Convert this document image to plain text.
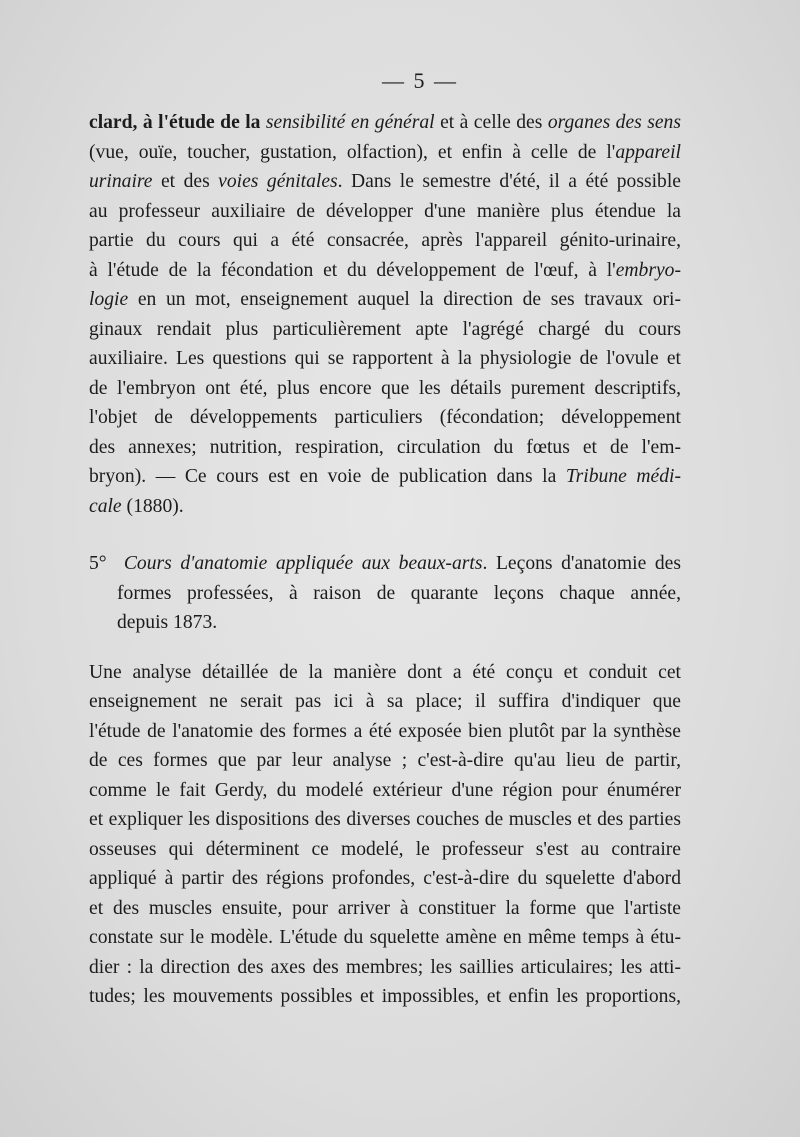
— 5 —
clard, à l'étude de la sensibilité en général et à celle des organes des sens
(vue, ouïe, toucher, gustation, olfaction), et enfin à celle de l'appareil
urinaire et des voies génitales. Dans le semestre d'été, il a été possible
au professeur auxiliaire de développer d'une manière plus étendue la
partie du cours qui a été consacrée, après l'appareil génito-urinaire,
à l'étude de la fécondation et du développement de l'œuf, à l'embryo-
logie en un mot, enseignement auquel la direction de ses travaux ori-
ginaux rendait plus particulièrement apte l'agrégé chargé du cours
auxiliaire. Les questions qui se rapportent à la physiologie de l'ovule et
de l'embryon ont été, plus encore que les détails purement descriptifs,
l'objet de développements particuliers (fécondation; développement
des annexes; nutrition, respiration, circulation du fœtus et de l'em-
bryon). — Ce cours est en voie de publication dans la Tribune médi-
cale (1880).
5° Cours d'anatomie appliquée aux beaux-arts. Leçons d'anatomie des
formes professées, à raison de quarante leçons chaque année,
depuis 1873.
Une analyse détaillée de la manière dont a été conçu et conduit cet
enseignement ne serait pas ici à sa place; il suffira d'indiquer que
l'étude de l'anatomie des formes a été exposée bien plutôt par la synthèse
de ces formes que par leur analyse ; c'est-à-dire qu'au lieu de partir,
comme le fait Gerdy, du modelé extérieur d'une région pour énumérer
et expliquer les dispositions des diverses couches de muscles et des parties
osseuses qui déterminent ce modelé, le professeur s'est au contraire
appliqué à partir des régions profondes, c'est-à-dire du squelette d'abord
et des muscles ensuite, pour arriver à constituer la forme que l'artiste
constate sur le modèle. L'étude du squelette amène en même temps à étu-
dier : la direction des axes des membres; les saillies articulaires; les atti-
tudes; les mouvements possibles et impossibles, et enfin les proportions,
